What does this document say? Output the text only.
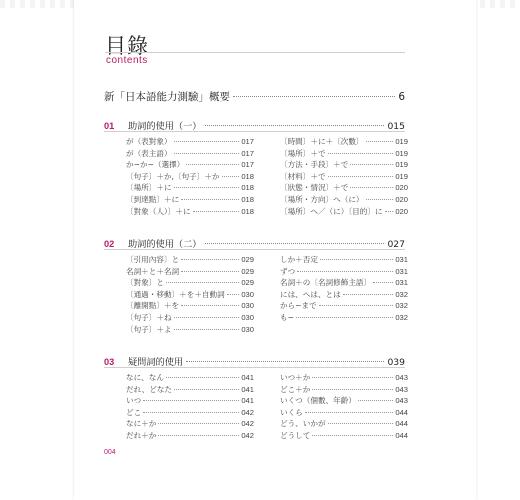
目錄
contents
新「日本語能力測驗」概要	6
01	助詞的使用（一）	015
が（表對象）	017
が（表主語）	017
か~か~（選擇）	017
〔句子〕＋か,〔句子〕＋か	018
〔場所〕＋に	018
〔到達點〕＋に	018
〔對象（人）〕＋に	018
〔時間〕＋に＋〔次數〕	019
〔場所〕＋で	019
〔方法・手段〕＋で	019
〔材料〕＋で	019
〔狀態・情況〕＋で	020
〔場所・方向〕へ（に）	020
〔場所〕へ／（に）〔目的〕に 020
02	助詞的使用（二）	027
〔引用內容〕と	029
名詞＋と＋名詞	029
〔對象〕と	029
〔通過・移動〕＋を＋自動詞 030
〔離開點〕＋を	030
〔句子〕＋ね	030
〔句子〕＋よ	030
しか＋否定	031
ずつ	031
名詞＋の〔名詞修飾主語〕	031
には、へは、とは	032
から~まで	032
も~	032
03	疑問詞的使用	039
なに、なん	041
だれ、どなた	041
いつ	041
どこ	042
なに＋か	042
だれ＋か	042
いつ＋か	043
どこ＋か	043
いくつ（個數、年齡）	043
いくら	044
どう、いかが	044
どうして	044
004
